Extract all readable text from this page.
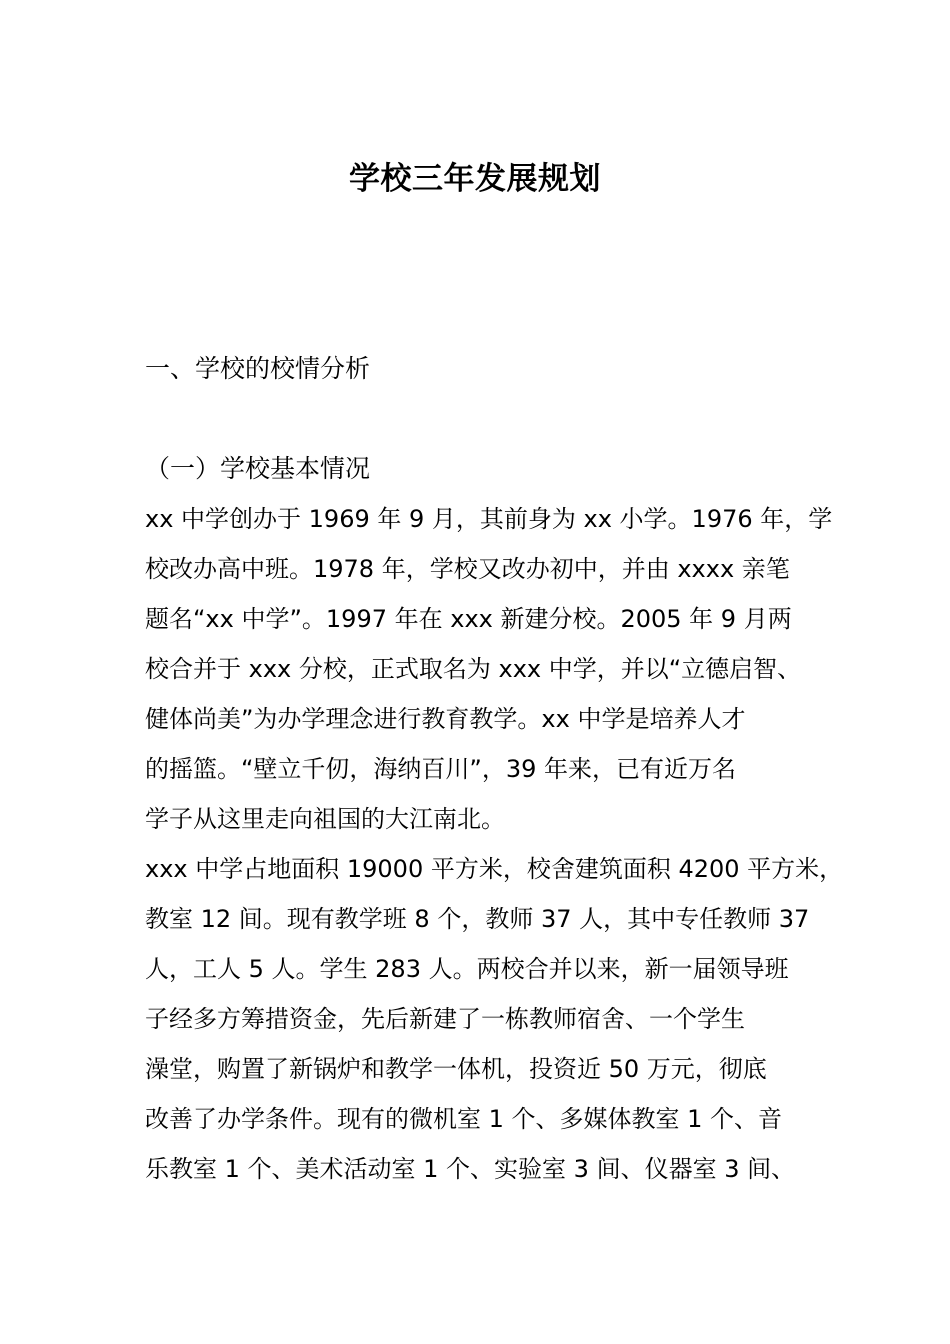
学校三年发展规划

一、学校的校情分析

（一）学校基本情况

xx 中学创办于 1969 年 9 月，其前身为 xx 小学。1976 年，学
校改办高中班。1978 年，学校又改办初中，并由 xxxx 亲笔
题名“xx 中学”。1997 年在 xxx 新建分校。2005 年 9 月两
校合并于 xxx 分校，正式取名为 xxx 中学，并以“立德启智、
健体尚美”为办学理念进行教育教学。xx 中学是培养人才
的摇篮。“壁立千仞，海纳百川”，39 年来，已有近万名
学子从这里走向祖国的大江南北。
xxx 中学占地面积 19000 平方米，校舍建筑面积 4200 平方米，
教室 12 间。现有教学班 8 个，教师 37 人，其中专任教师 37
人，工人 5 人。学生 283 人。两校合并以来，新一届领导班
子经多方筹措资金，先后新建了一栋教师宿舍、一个学生
澡堂，购置了新锅炉和教学一体机，投资近 50 万元，彻底
改善了办学条件。现有的微机室 1 个、多媒体教室 1 个、音
乐教室 1 个、美术活动室 1 个、实验室 3 间、仪器室 3 间、
